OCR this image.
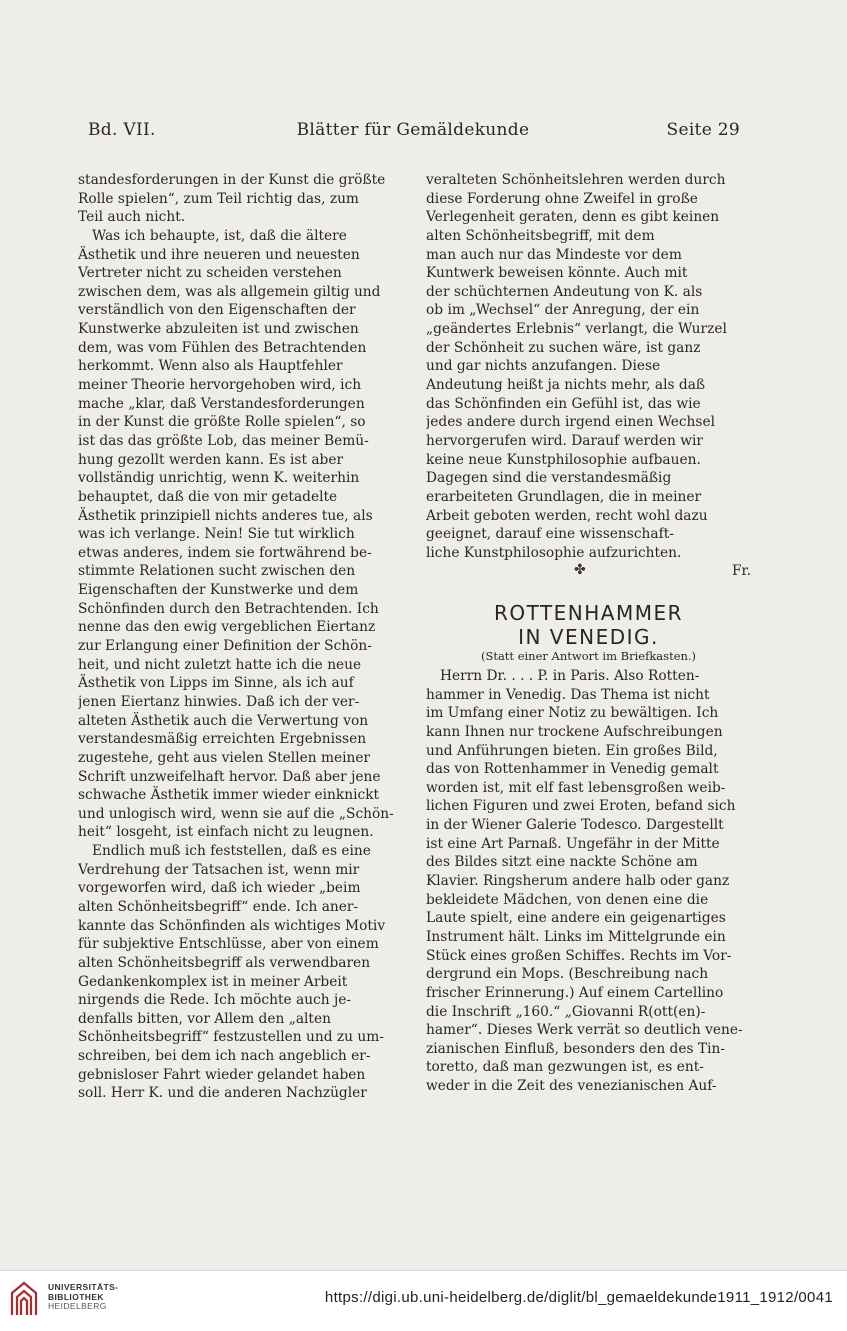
Bd. VII.	Blätter für Gemäldekunde	Seite 29
standesforderungen in der Kunst die größte
Rolle spielen“, zum Teil richtig das, zum
Teil auch nicht.
Was ich behaupte, ist, daß die ältere
Ästhetik und ihre neueren und neuesten
Vertreter nicht zu scheiden verstehen
zwischen dem, was als allgemein giltig und
verständlich von den Eigenschaften der
Kunstwerke abzuleiten ist und zwischen
dem, was vom Fühlen des Betrachtenden
herkommt. Wenn also als Hauptfehler
meiner Theorie hervorgehoben wird, ich
mache „klar, daß Verstandesforderungen
in der Kunst die größte Rolle spielen“, so
ist das das größte Lob, das meiner Bemü-
hung gezollt werden kann. Es ist aber
vollständig unrichtig, wenn K. weiterhin
behauptet, daß die von mir getadelte
Ästhetik prinzipiell nichts anderes tue, als
was ich verlange. Nein! Sie tut wirklich
etwas anderes, indem sie fortwährend be-
stimmte Relationen sucht zwischen den
Eigenschaften der Kunstwerke und dem
Schönfinden durch den Betrachtenden. Ich
nenne das den ewig vergeblichen Eiertanz
zur Erlangung einer Definition der Schön-
heit, und nicht zuletzt hatte ich die neue
Ästhetik von Lipps im Sinne, als ich auf
jenen Eiertanz hinwies. Daß ich der ver-
alteten Ästhetik auch die Verwertung von
verstandesmäßig erreichten Ergebnissen
zugestehe, geht aus vielen Stellen meiner
Schrift unzweifelhaft hervor. Daß aber jene
schwache Ästhetik immer wieder einknickt
und unlogisch wird, wenn sie auf die „Schön-
heit“ losgeht, ist einfach nicht zu leugnen.
Endlich muß ich feststellen, daß es eine
Verdrehung der Tatsachen ist, wenn mir
vorgeworfen wird, daß ich wieder „beim
alten Schönheitsbegriff“ ende. Ich aner-
kannte das Schönfinden als wichtiges Motiv
für subjektive Entschlüsse, aber von einem
alten Schönheitsbegriff als verwendbaren
Gedankenkomplex ist in meiner Arbeit
nirgends die Rede. Ich möchte auch je-
denfalls bitten, vor Allem den „alten
Schönheitsbegriff“ festzustellen und zu um-
schreiben, bei dem ich nach angeblich er-
gebnisloser Fahrt wieder gelandet haben
soll. Herr K. und die anderen Nachzügler
veralteten Schönheitslehren werden durch
diese Forderung ohne Zweifel in große
Verlegenheit geraten, denn es gibt keinen
alten Schönheitsbegriff, mit dem
man auch nur das Mindeste vor dem
Kuntwerk beweisen könnte. Auch mit
der schüchternen Andeutung von K. als
ob im „Wechsel“ der Anregung, der ein
„geändertes Erlebnis“ verlangt, die Wurzel
der Schönheit zu suchen wäre, ist ganz
und gar nichts anzufangen. Diese
Andeutung heißt ja nichts mehr, als daß
das Schönfinden ein Gefühl ist, das wie
jedes andere durch irgend einen Wechsel
hervorgerufen wird. Darauf werden wir
keine neue Kunstphilosophie aufbauen.
Dagegen sind die verstandesmäßig
erarbeiteten Grundlagen, die in meiner
Arbeit geboten werden, recht wohl dazu
geeignet, darauf eine wissenschaft-
liche Kunstphilosophie aufzurichten.
Fr.
✤
ROTTENHAMMER
IN VENEDIG.
(Statt einer Antwort im Briefkasten.)
Herrn Dr. . . . P. in Paris. Also Rotten-
hammer in Venedig. Das Thema ist nicht
im Umfang einer Notiz zu bewältigen. Ich
kann Ihnen nur trockene Aufschreibungen
und Anführungen bieten. Ein großes Bild,
das von Rottenhammer in Venedig gemalt
worden ist, mit elf fast lebensgroßen weib-
lichen Figuren und zwei Eroten, befand sich
in der Wiener Galerie Todesco. Dargestellt
ist eine Art Parnaß. Ungefähr in der Mitte
des Bildes sitzt eine nackte Schöne am
Klavier. Ringsherum andere halb oder ganz
bekleidete Mädchen, von denen eine die
Laute spielt, eine andere ein geigenartiges
Instrument hält. Links im Mittelgrunde ein
Stück eines großen Schiffes. Rechts im Vor-
dergrund ein Mops. (Beschreibung nach
frischer Erinnerung.) Auf einem Cartellino
die Inschrift „160.“ „Giovanni R(ott(en)-
hamer“. Dieses Werk verrät so deutlich vene-
zianischen Einfluß, besonders den des Tin-
toretto, daß man gezwungen ist, es ent-
weder in die Zeit des venezianischen Auf-
UNIVERSITÄTS-
BIBLIOTHEK
HEIDELBERG	https://digi.ub.uni-heidelberg.de/diglit/bl_gemaeldekunde1911_1912/0041
